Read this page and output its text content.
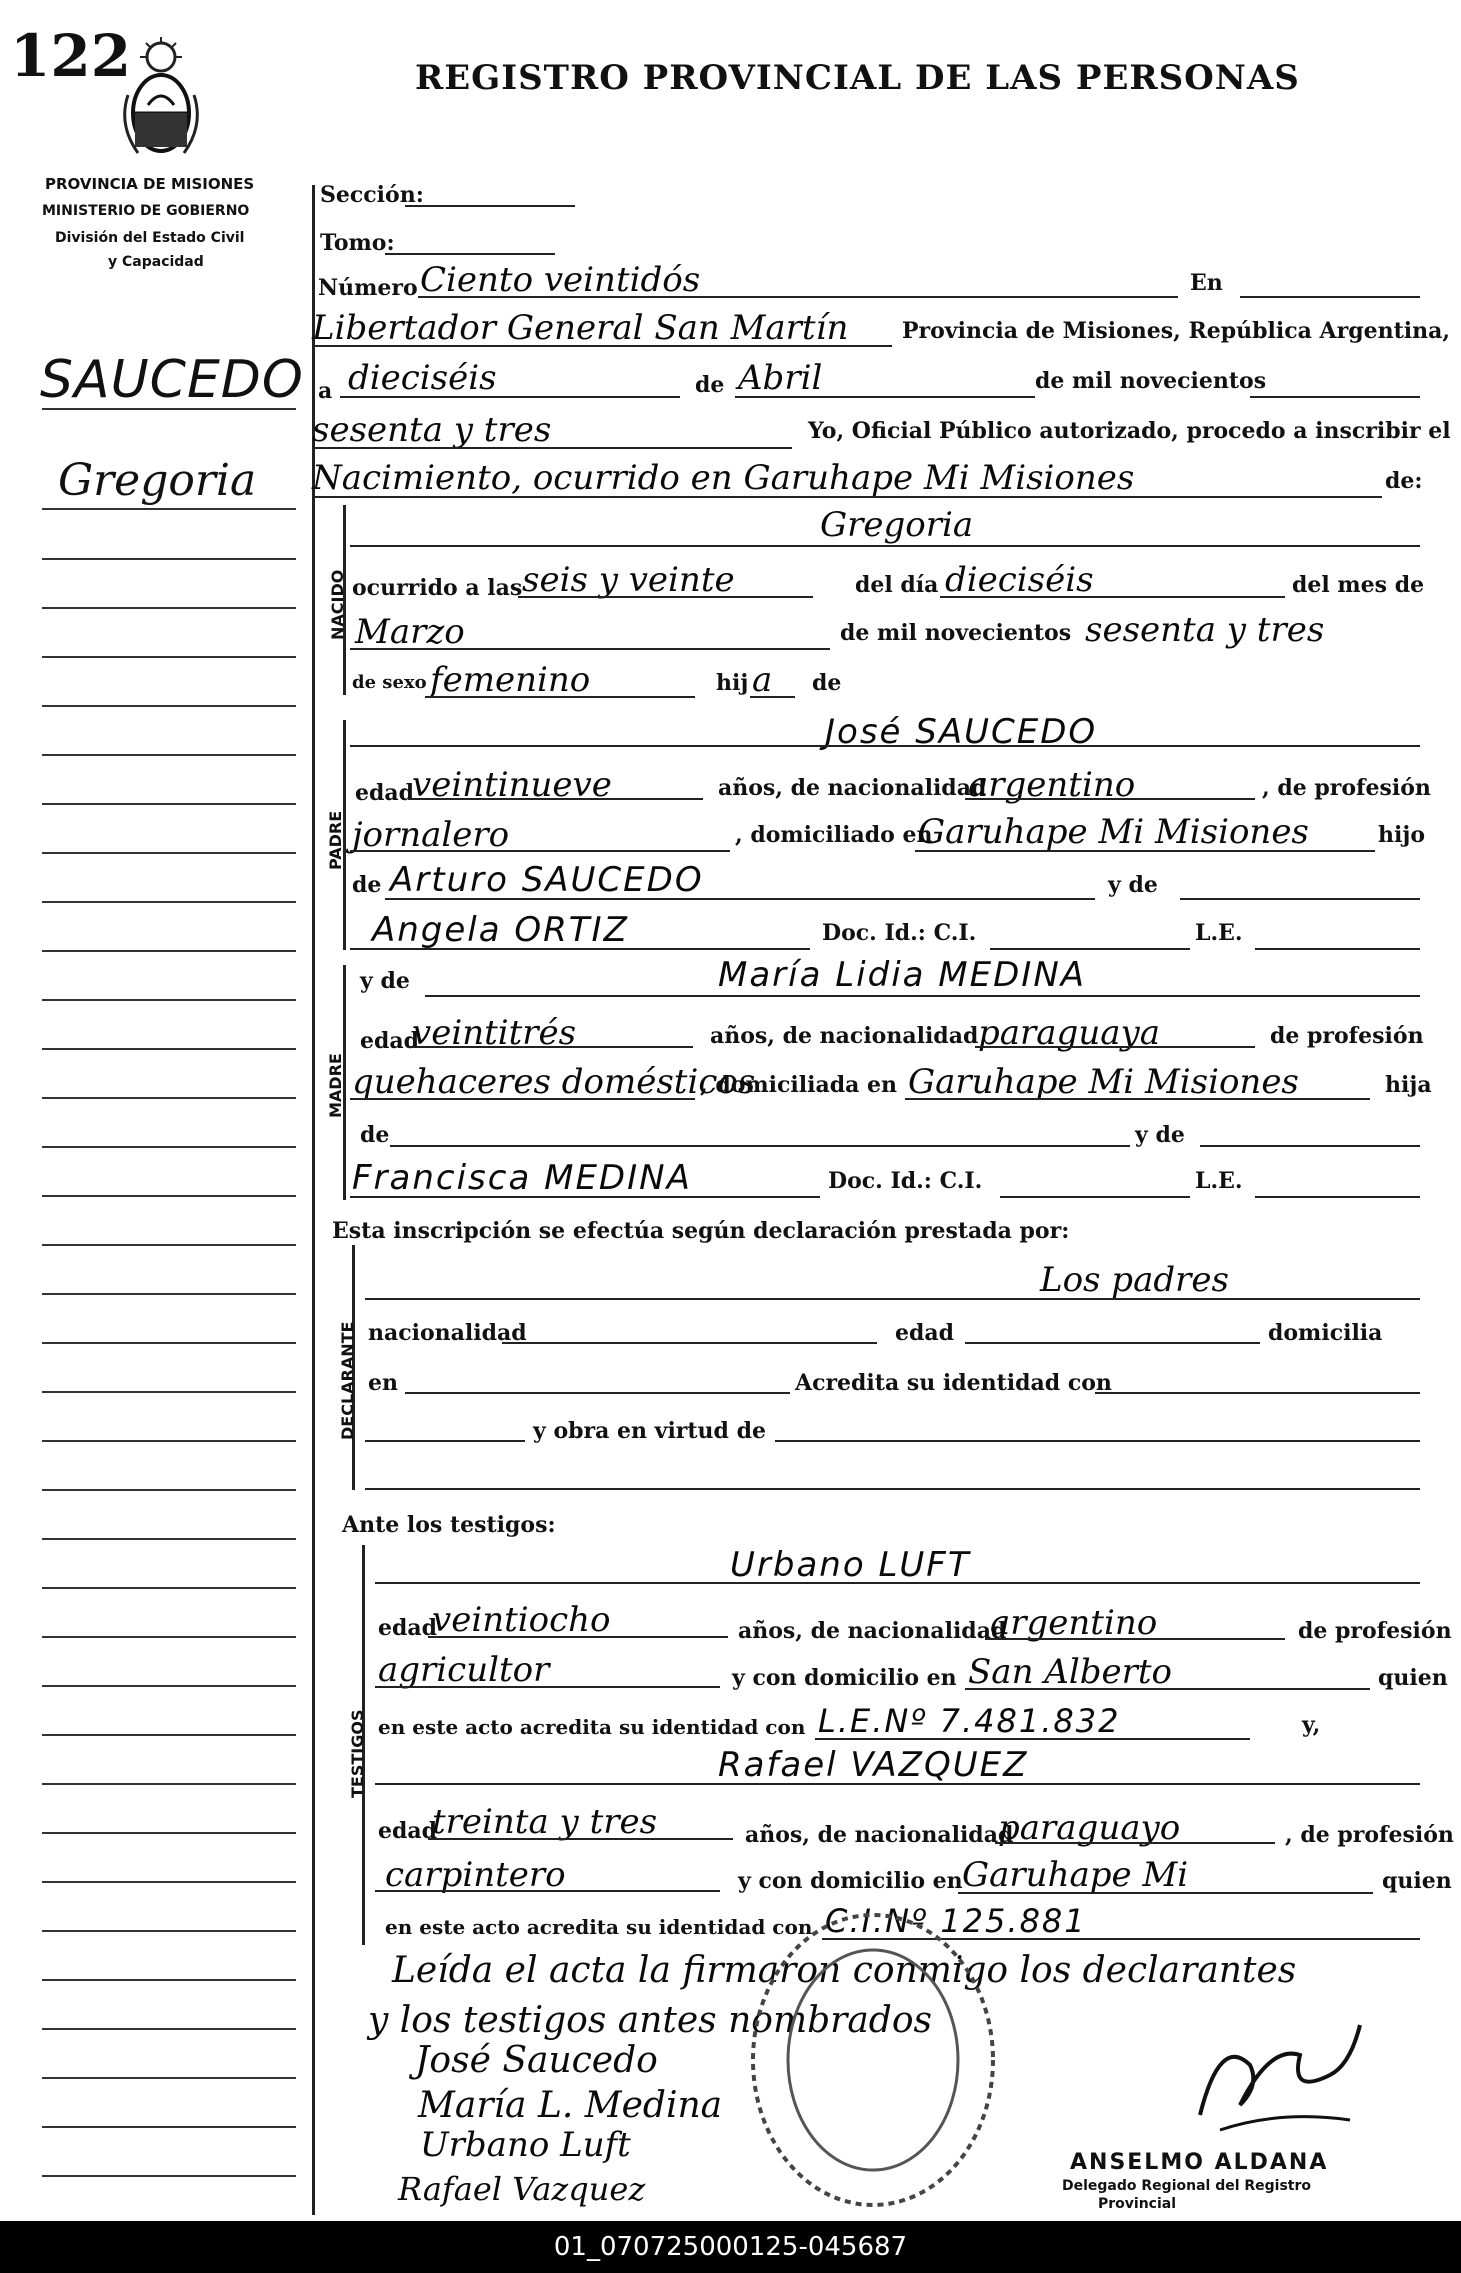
122	REGISTRO PROVINCIAL DE LAS PERSONAS
PROVINCIA DE MISIONES
MINISTERIO DE GOBIERNO
División del Estado Civil
y Capacidad
SAUCEDO
Gregoria
Sección:
Tomo:
Número Ciento veintidós	En
Libertador General San Martín Provincia de Misiones, República Argentina,
a dieciséis	de Abril	de mil novecientos
sesenta y tres	Yo, Oficial Público autorizado, procedo a inscribir el
Nacimiento, ocurrido en Garuhape Mi Misiones	de:
NACIDO
Gregoria
ocurrido a las seis y veinte	del día dieciséis	del mes de
Marzo	de mil novecientos sesenta y tres
de sexo femenino	hij a de
PADRE
José SAUCEDO
edad
veintinueve	años, de nacionalidad
argentino	, de profesión
jornalero	, domiciliado en
Garuhape Mi Misiones	hijo
de Arturo SAUCEDO	y de
Angela ORTIZ	Doc. Id.: C.I.	L.E.
MADRE
y de	María Lidia MEDINA
edad
veintitrés	años, de nacionalidad paraguaya	de profesión
quehaceres domésticos
, domiciliada en Garuhape Mi Misiones	hija
de	y de
Francisca MEDINA	Doc. Id.: C.I.	L.E.
Esta inscripción se efectúa según declaración prestada por:
DECLARANTE
Los padres
nacionalidad	edad	domicilia
en	Acredita su identidad con
y obra en virtud de
Ante los testigos:
TESTIGOS
Urbano LUFT
edad
veintiocho	años, de nacionalidad
argentino	de profesión
agricultor	y con domicilio en San Alberto	quien
en este acto acredita su identidad con L.E.Nº 7.481.832	y,
Rafael VAZQUEZ
edad
treinta y tres	años, de nacionalidad
paraguayo	, de profesión
carpintero	y con domicilio en Garuhape Mi	quien
en este acto acredita su identidad con C.I.Nº 125.881
Leída el acta la firmaron conmigo los declarantes
y los testigos antes nombrados
José Saucedo
María L. Medina
Urbano Luft
Rafael Vazquez
ANSELMO ALDANA
Delegado Regional del Registro
Provincial
01_070725000125-045687
